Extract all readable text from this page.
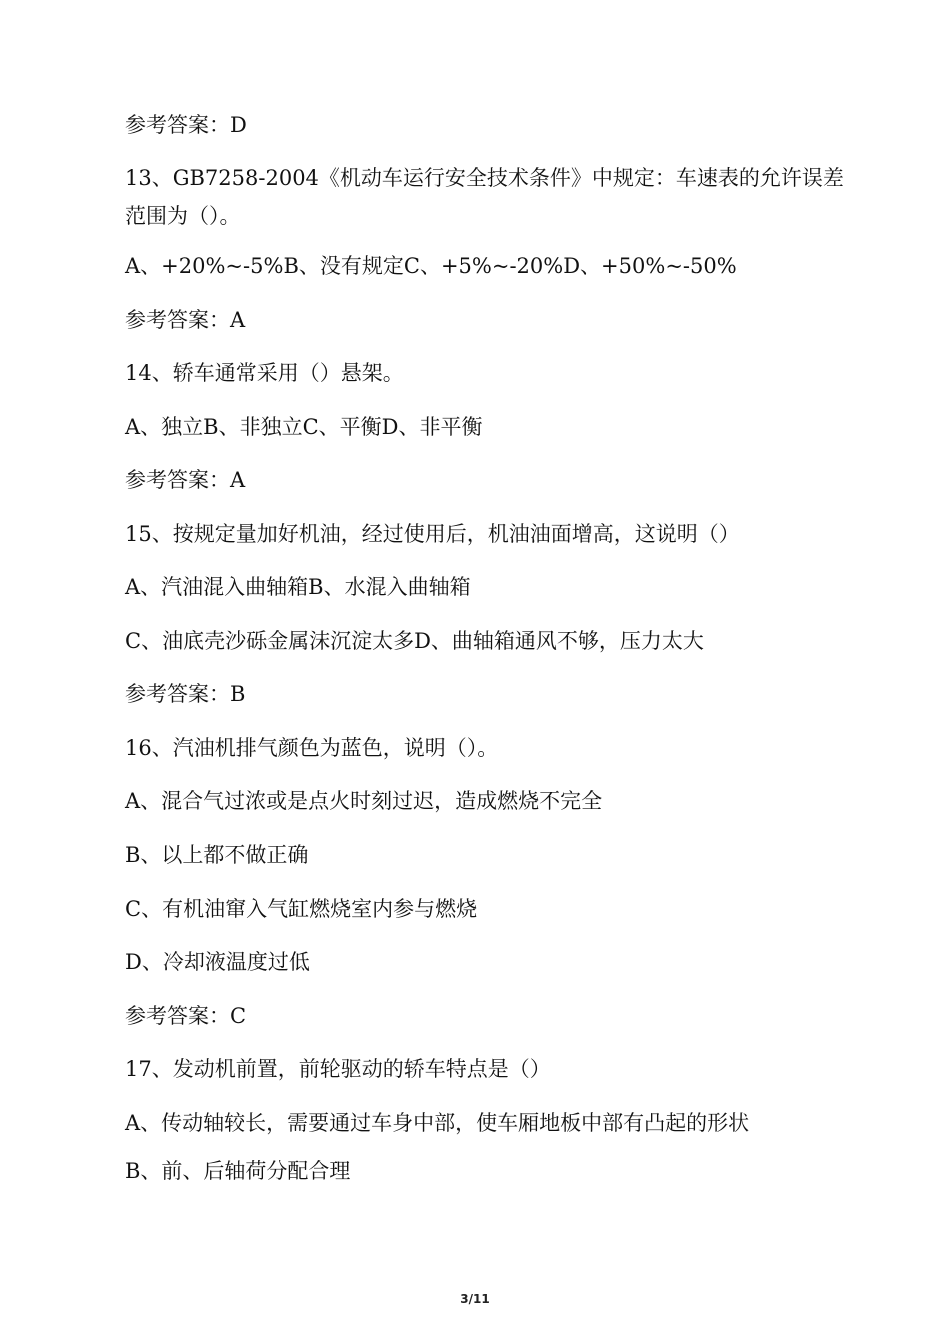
参考答案：D
13、GB7258-2004《机动车运行安全技术条件》中规定：车速表的允许误差范围为（）。
A、+20%~-5%B、没有规定C、+5%~-20%D、+50%~-50%
参考答案：A
14、轿车通常采用（）悬架。
A、独立B、非独立C、平衡D、非平衡
参考答案：A
15、按规定量加好机油，经过使用后，机油油面增高，这说明（）
A、汽油混入曲轴箱B、水混入曲轴箱
C、油底壳沙砾金属沫沉淀太多D、曲轴箱通风不够，压力太大
参考答案：B
16、汽油机排气颜色为蓝色，说明（）。
A、混合气过浓或是点火时刻过迟，造成燃烧不完全
B、以上都不做正确
C、有机油窜入气缸燃烧室内参与燃烧
D、冷却液温度过低
参考答案：C
17、发动机前置，前轮驱动的轿车特点是（）
A、传动轴较长，需要通过车身中部，使车厢地板中部有凸起的形状
B、前、后轴荷分配合理
3/11
